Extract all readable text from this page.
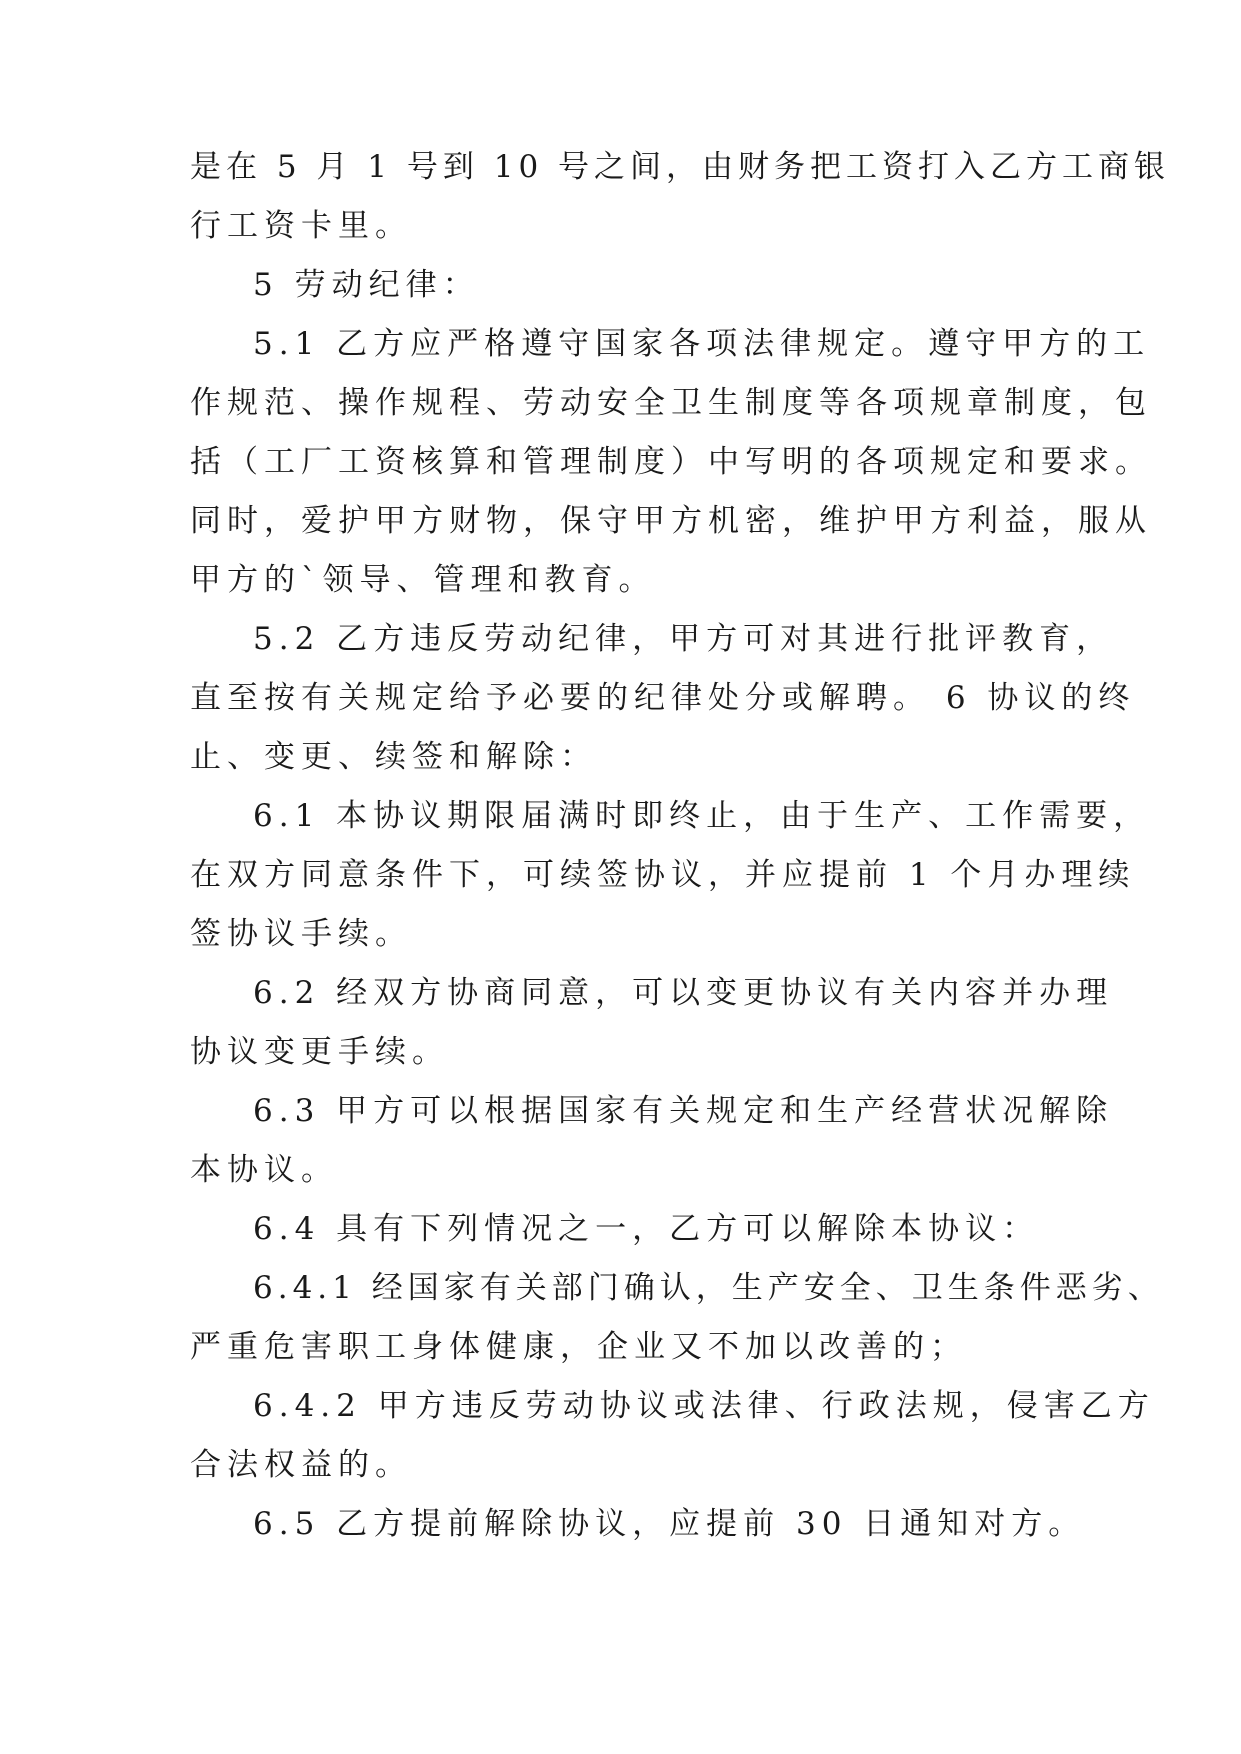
是在 5 月 1 号到 10 号之间，由财务把工资打入乙方工商银
行工资卡里。
5 劳动纪律：
5.1 乙方应严格遵守国家各项法律规定。遵守甲方的工
作规范、操作规程、劳动安全卫生制度等各项规章制度，包
括（工厂工资核算和管理制度）中写明的各项规定和要求。
同时，爱护甲方财物，保守甲方机密，维护甲方利益，服从
甲方的`领导、管理和教育。
5.2 乙方违反劳动纪律，甲方可对其进行批评教育，
直至按有关规定给予必要的纪律处分或解聘。 6 协议的终
止、变更、续签和解除：
6.1 本协议期限届满时即终止，由于生产、工作需要，
在双方同意条件下，可续签协议，并应提前 1 个月办理续
签协议手续。
6.2 经双方协商同意，可以变更协议有关内容并办理
协议变更手续。
6.3 甲方可以根据国家有关规定和生产经营状况解除
本协议。
6.4 具有下列情况之一，乙方可以解除本协议：
6.4.1 经国家有关部门确认，生产安全、卫生条件恶劣、
严重危害职工身体健康，企业又不加以改善的；
6.4.2 甲方违反劳动协议或法律、行政法规，侵害乙方
合法权益的。
6.5 乙方提前解除协议，应提前 30 日通知对方。
